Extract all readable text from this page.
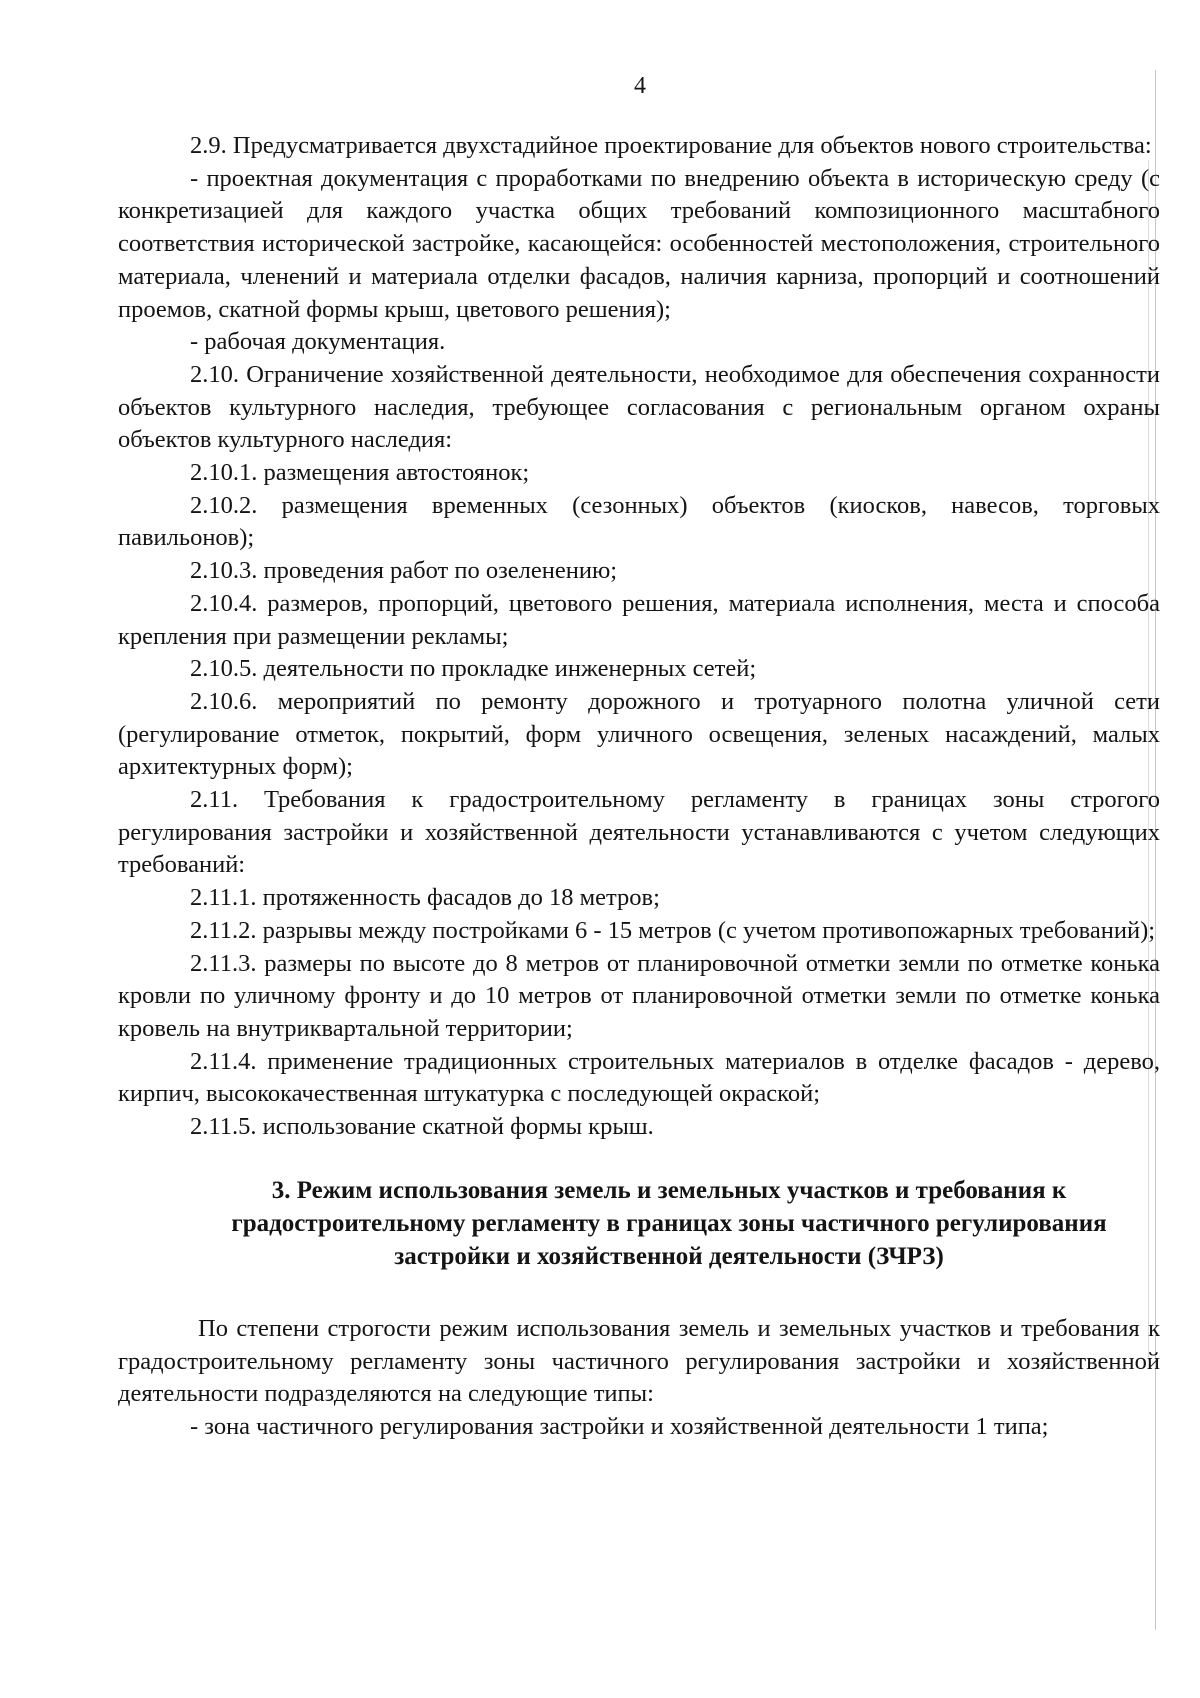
4

2.9. Предусматривается двухстадийное проектирование для объектов нового строительства:

- проектная документация с проработками по внедрению объекта в историческую среду (с конкретизацией для каждого участка общих требований композиционного масштабного соответствия исторической застройке, касающейся: особенностей местоположения, строительного материала, членений и материала отделки фасадов, наличия карниза, пропорций и соотношений проемов, скатной формы крыш, цветового решения);

- рабочая документация.

2.10. Ограничение хозяйственной деятельности, необходимое для обеспечения сохранности объектов культурного наследия, требующее согласования с региональным органом охраны объектов культурного наследия:

2.10.1. размещения автостоянок;

2.10.2. размещения временных (сезонных) объектов (киосков, навесов, торговых павильонов);

2.10.3. проведения работ по озеленению;

2.10.4. размеров, пропорций, цветового решения, материала исполнения, места и способа крепления при размещении рекламы;

2.10.5. деятельности по прокладке инженерных сетей;

2.10.6. мероприятий по ремонту дорожного и тротуарного полотна уличной сети (регулирование отметок, покрытий, форм уличного освещения, зеленых насаждений, малых архитектурных форм);

2.11. Требования к градостроительному регламенту в границах зоны строгого регулирования застройки и хозяйственной деятельности устанавливаются с учетом следующих требований:

2.11.1. протяженность фасадов до 18 метров;

2.11.2. разрывы между постройками 6 - 15 метров (с учетом противопожарных требований);

2.11.3. размеры по высоте до 8 метров от планировочной отметки земли по отметке конька кровли по уличному фронту и до 10 метров от планировочной отметки земли по отметке конька кровель на внутриквартальной территории;

2.11.4. применение традиционных строительных материалов в отделке фасадов - дерево, кирпич, высококачественная штукатурка с последующей окраской;

2.11.5. использование скатной формы крыш.

3. Режим использования земель и земельных участков и требования к градостроительному регламенту в границах зоны частичного регулирования застройки и хозяйственной деятельности (ЗЧРЗ)

По степени строгости режим использования земель и земельных участков и требования к градостроительному регламенту зоны частичного регулирования застройки и хозяйственной деятельности подразделяются на следующие типы:

- зона частичного регулирования застройки и хозяйственной деятельности 1 типа;
